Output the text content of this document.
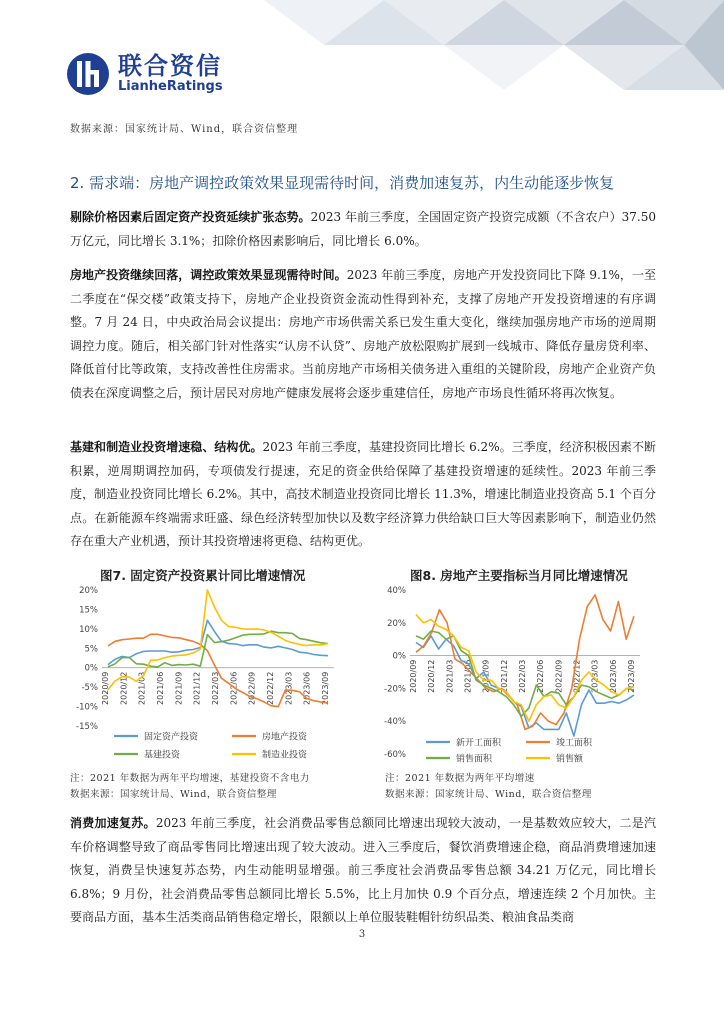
联合资信
LianheRatings
数据来源：国家统计局、Wind，联合资信整理
2. 需求端：房地产调控政策效果显现需待时间，消费加速复苏，内生动能逐步恢复
剔除价格因素后固定资产投资延续扩张态势。2023 年前三季度，全国固定资产投资完成额（不含农户）37.50 万亿元，同比增长 3.1%；扣除价格因素影响后，同比增长 6.0%。
房地产投资继续回落，调控政策效果显现需待时间。2023 年前三季度，房地产开发投资同比下降 9.1%，一至二季度在“保交楼”政策支持下，房地产企业投资资金流动性得到补充，支撑了房地产开发投资增速的有序调整。7 月 24 日，中央政治局会议提出：房地产市场供需关系已发生重大变化，继续加强房地产市场的逆周期调控力度。随后，相关部门针对性落实“认房不认贷”、房地产放松限购扩展到一线城市、降低存量房贷利率、降低首付比等政策，支持改善性住房需求。当前房地产市场相关债务进入重组的关键阶段，房地产企业资产负债表在深度调整之后，预计居民对房地产健康发展将会逐步重建信任，房地产市场良性循环将再次恢复。
基建和制造业投资增速稳、结构优。2023 年前三季度，基建投资同比增长 6.2%。三季度，经济积极因素不断积累，逆周期调控加码，专项债发行提速，充足的资金供给保障了基建投资增速的延续性。2023 年前三季度，制造业投资同比增长 6.2%。其中，高技术制造业投资同比增长 11.3%，增速比制造业投资高 5.1 个百分点。在新能源车终端需求旺盛、绿色经济转型加快以及数字经济算力供给缺口巨大等因素影响下，制造业仍然存在重大产业机遇，预计其投资增速将更稳、结构更优。
图7. 固定资产投资累计同比增速情况
20%
15%
10%
5%
0%
-5%
-10%
-15%
2020/09 2020/12 2021/03 2021/06 2021/09 2021/12 2022/03 2022/06 2022/09 2022/12 2023/03 2023/06 2023/09
固定资产投资	房地产投资
基建投资	制造业投资
注：2021 年数据为两年平均增速，基建投资不含电力
数据来源：国家统计局、Wind，联合资信整理
图8. 房地产主要指标当月同比增速情况
40%
20%
0%
-20%
-40%
-60%
2020/09 2020/12 2021/03 2021/06 2021/09 2021/12 2022/03 2022/06 2022/09 2022/12 2023/03 2023/06 2023/09
新开工面积	竣工面积
销售面积	销售额
注：2021 年数据为两年平均增速
数据来源：国家统计局、Wind，联合资信整理
消费加速复苏。2023 年前三季度，社会消费品零售总额同比增速出现较大波动，一是基数效应较大，二是汽车价格调整导致了商品零售同比增速出现了较大波动。进入三季度后，餐饮消费增速企稳，商品消费增速加速恢复，消费呈快速复苏态势，内生动能明显增强。前三季度社会消费品零售总额 34.21 万亿元，同比增长 6.8%；9 月份，社会消费品零售总额同比增长 5.5%，比上月加快 0.9 个百分点，增速连续 2 个月加快。主要商品方面，基本生活类商品销售稳定增长，限额以上单位服装鞋帽针纺织品类、粮油食品类商
3
